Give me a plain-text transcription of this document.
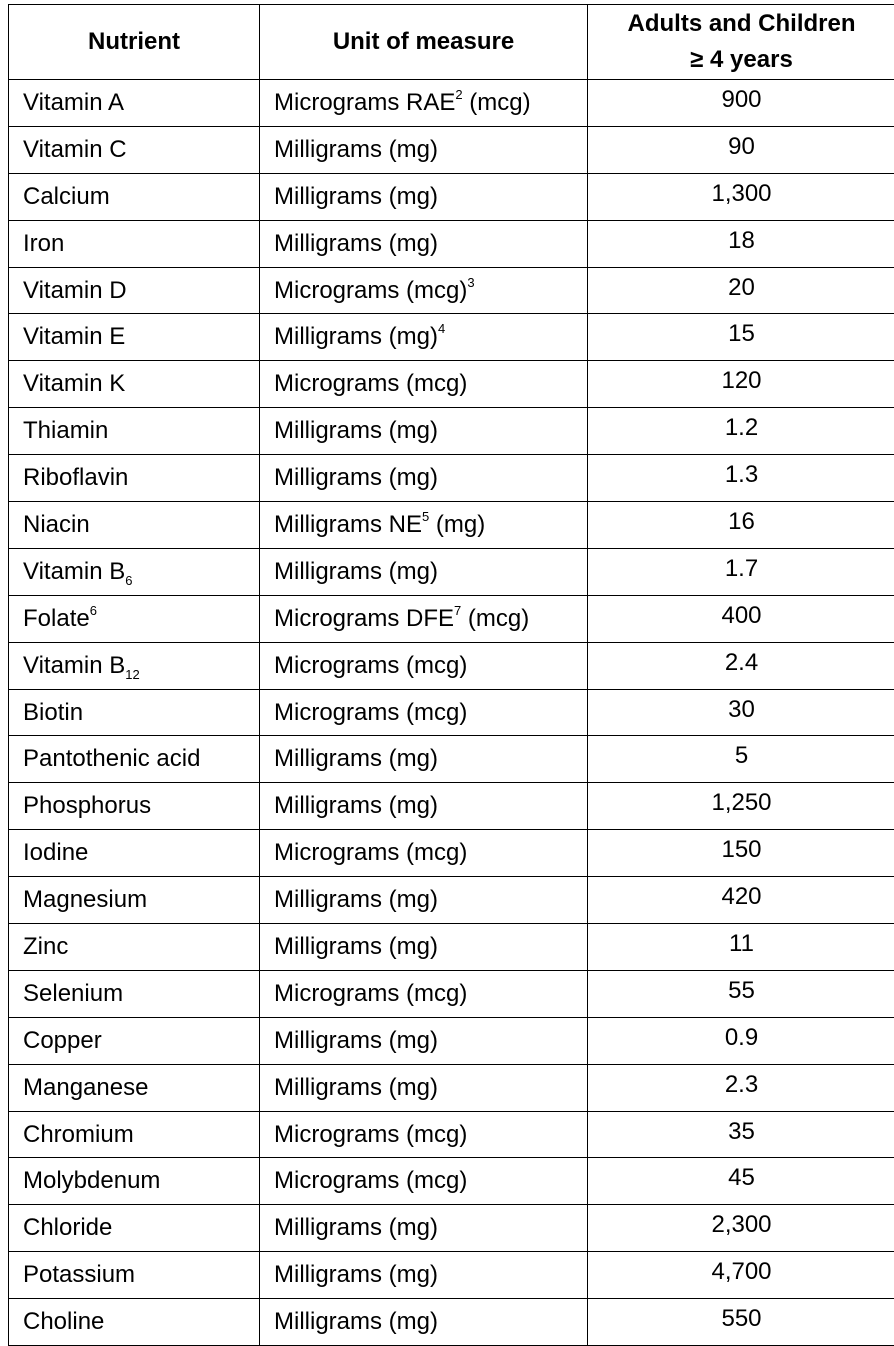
Nutrient	Unit of measure	Adults and Children
≥ 4 years
Vitamin A	Micrograms RAE$^2$ (mcg)	900
Vitamin C	Milligrams (mg)	90
Calcium	Milligrams (mg)	1,300
Iron	Milligrams (mg)	18
Vitamin D	Micrograms (mcg)$^3$	20
Vitamin E	Milligrams (mg)$^4$	15
Vitamin K	Micrograms (mcg)	120
Thiamin	Milligrams (mg)	1.2
Riboflavin	Milligrams (mg)	1.3
Niacin	Milligrams $NE^5$ (mg)	16
Vitamin $B_6$	Milligrams (mg)	1.7
Folate$^6$	Micrograms DFE$^7$ (mcg)	400
Vitamin $B_{12}$	Micrograms (mcg)	2.4
Biotin	Micrograms (mcg)	30
Pantothenic acid	Milligrams (mg)	5
Phosphorus	Milligrams (mg)	1,250
Iodine	Micrograms (mcg)	150
Magnesium	Milligrams (mg)	420
Zinc	Milligrams (mg)	11
Selenium	Micrograms (mcg)	55
Copper	Milligrams (mg)	0.9
Manganese	Milligrams (mg)	2.3
Chromium	Micrograms (mcg)	35
Molybdenum	Micrograms (mcg)	45
Chloride	Milligrams (mg)	2,300
Potassium	Milligrams (mg)	4,700
Choline	Milligrams (mg)	550
